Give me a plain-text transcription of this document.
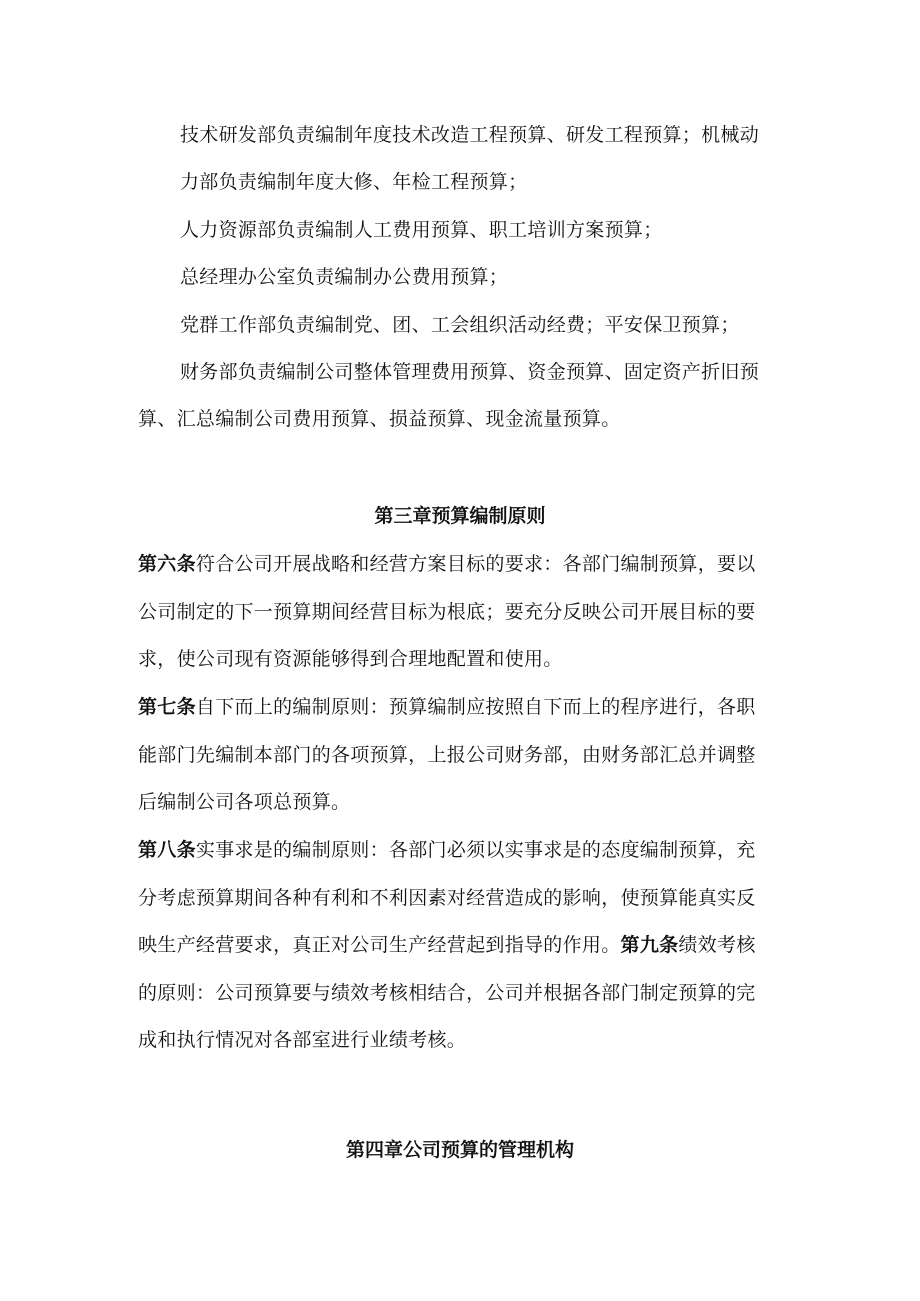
技术研发部负责编制年度技术改造工程预算、研发工程预算；机械动
力部负责编制年度大修、年检工程预算；
人力资源部负责编制人工费用预算、职工培训方案预算；
总经理办公室负责编制办公费用预算；
党群工作部负责编制党、团、工会组织活动经费；平安保卫预算；
财务部负责编制公司整体管理费用预算、资金预算、固定资产折旧预
算、汇总编制公司费用预算、损益预算、现金流量预算。
第三章预算编制原则
第六条符合公司开展战略和经营方案目标的要求：各部门编制预算，要以
公司制定的下一预算期间经营目标为根底；要充分反映公司开展目标的要
求，使公司现有资源能够得到合理地配置和使用。
第七条自下而上的编制原则：预算编制应按照自下而上的程序进行，各职
能部门先编制本部门的各项预算，上报公司财务部，由财务部汇总并调整
后编制公司各项总预算。
第八条实事求是的编制原则：各部门必须以实事求是的态度编制预算，充
分考虑预算期间各种有利和不利因素对经营造成的影响，使预算能真实反
映生产经营要求，真正对公司生产经营起到指导的作用。第九条绩效考核
的原则：公司预算要与绩效考核相结合，公司并根据各部门制定预算的完
成和执行情况对各部室进行业绩考核。
第四章公司预算的管理机构
